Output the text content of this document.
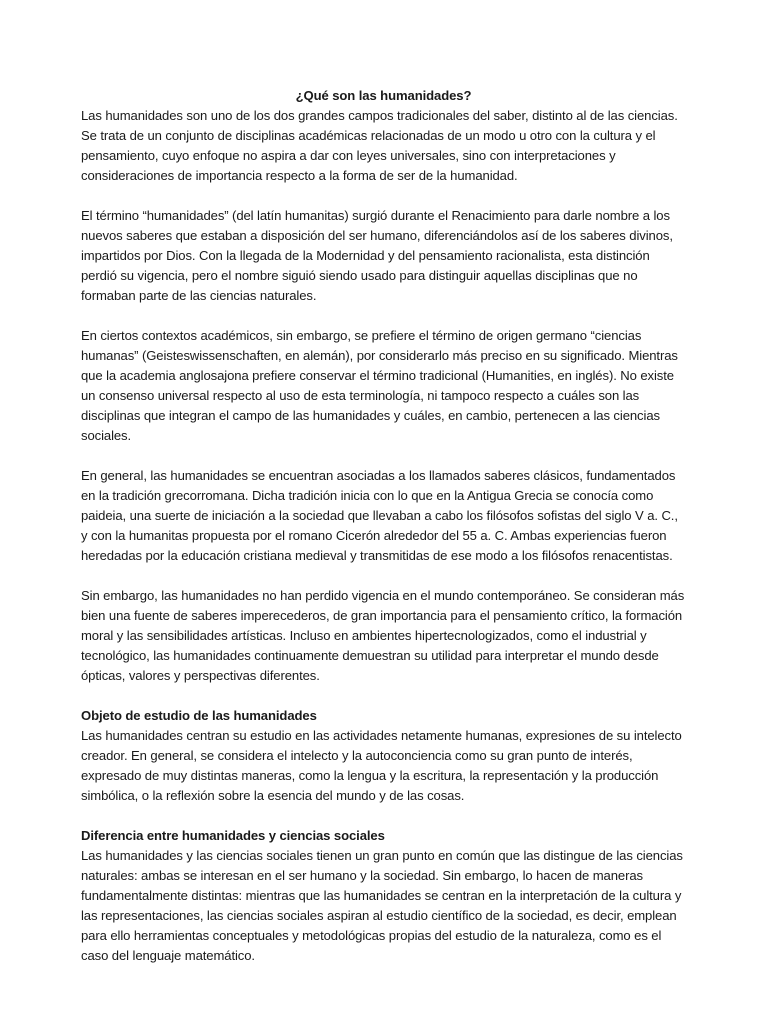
¿Qué son las humanidades?

Las humanidades son uno de los dos grandes campos tradicionales del saber, distinto al de las ciencias. Se trata de un conjunto de disciplinas académicas relacionadas de un modo u otro con la cultura y el pensamiento, cuyo enfoque no aspira a dar con leyes universales, sino con interpretaciones y consideraciones de importancia respecto a la forma de ser de la humanidad.

El término “humanidades” (del latín humanitas) surgió durante el Renacimiento para darle nombre a los nuevos saberes que estaban a disposición del ser humano, diferenciándolos así de los saberes divinos, impartidos por Dios. Con la llegada de la Modernidad y del pensamiento racionalista, esta distinción perdió su vigencia, pero el nombre siguió siendo usado para distinguir aquellas disciplinas que no formaban parte de las ciencias naturales.

En ciertos contextos académicos, sin embargo, se prefiere el término de origen germano “ciencias humanas” (Geisteswissenschaften, en alemán), por considerarlo más preciso en su significado. Mientras que la academia anglosajona prefiere conservar el término tradicional (Humanities, en inglés). No existe un consenso universal respecto al uso de esta terminología, ni tampoco respecto a cuáles son las disciplinas que integran el campo de las humanidades y cuáles, en cambio, pertenecen a las ciencias sociales.

En general, las humanidades se encuentran asociadas a los llamados saberes clásicos, fundamentados en la tradición grecorromana. Dicha tradición inicia con lo que en la Antigua Grecia se conocía como paideia, una suerte de iniciación a la sociedad que llevaban a cabo los filósofos sofistas del siglo V a. C., y con la humanitas propuesta por el romano Cicerón alrededor del 55 a. C. Ambas experiencias fueron heredadas por la educación cristiana medieval y transmitidas de ese modo a los filósofos renacentistas.

Sin embargo, las humanidades no han perdido vigencia en el mundo contemporáneo. Se consideran más bien una fuente de saberes imperecederos, de gran importancia para el pensamiento crítico, la formación moral y las sensibilidades artísticas. Incluso en ambientes hipertecnologizados, como el industrial y tecnológico, las humanidades continuamente demuestran su utilidad para interpretar el mundo desde ópticas, valores y perspectivas diferentes.

Objeto de estudio de las humanidades

Las humanidades centran su estudio en las actividades netamente humanas, expresiones de su intelecto creador. En general, se considera el intelecto y la autoconciencia como su gran punto de interés, expresado de muy distintas maneras, como la lengua y la escritura, la representación y la producción simbólica, o la reflexión sobre la esencia del mundo y de las cosas.

Diferencia entre humanidades y ciencias sociales

Las humanidades y las ciencias sociales tienen un gran punto en común que las distingue de las ciencias naturales: ambas se interesan en el ser humano y la sociedad. Sin embargo, lo hacen de maneras fundamentalmente distintas: mientras que las humanidades se centran en la interpretación de la cultura y las representaciones, las ciencias sociales aspiran al estudio científico de la sociedad, es decir, emplean para ello herramientas conceptuales y metodológicas propias del estudio de la naturaleza, como es el caso del lenguaje matemático.
